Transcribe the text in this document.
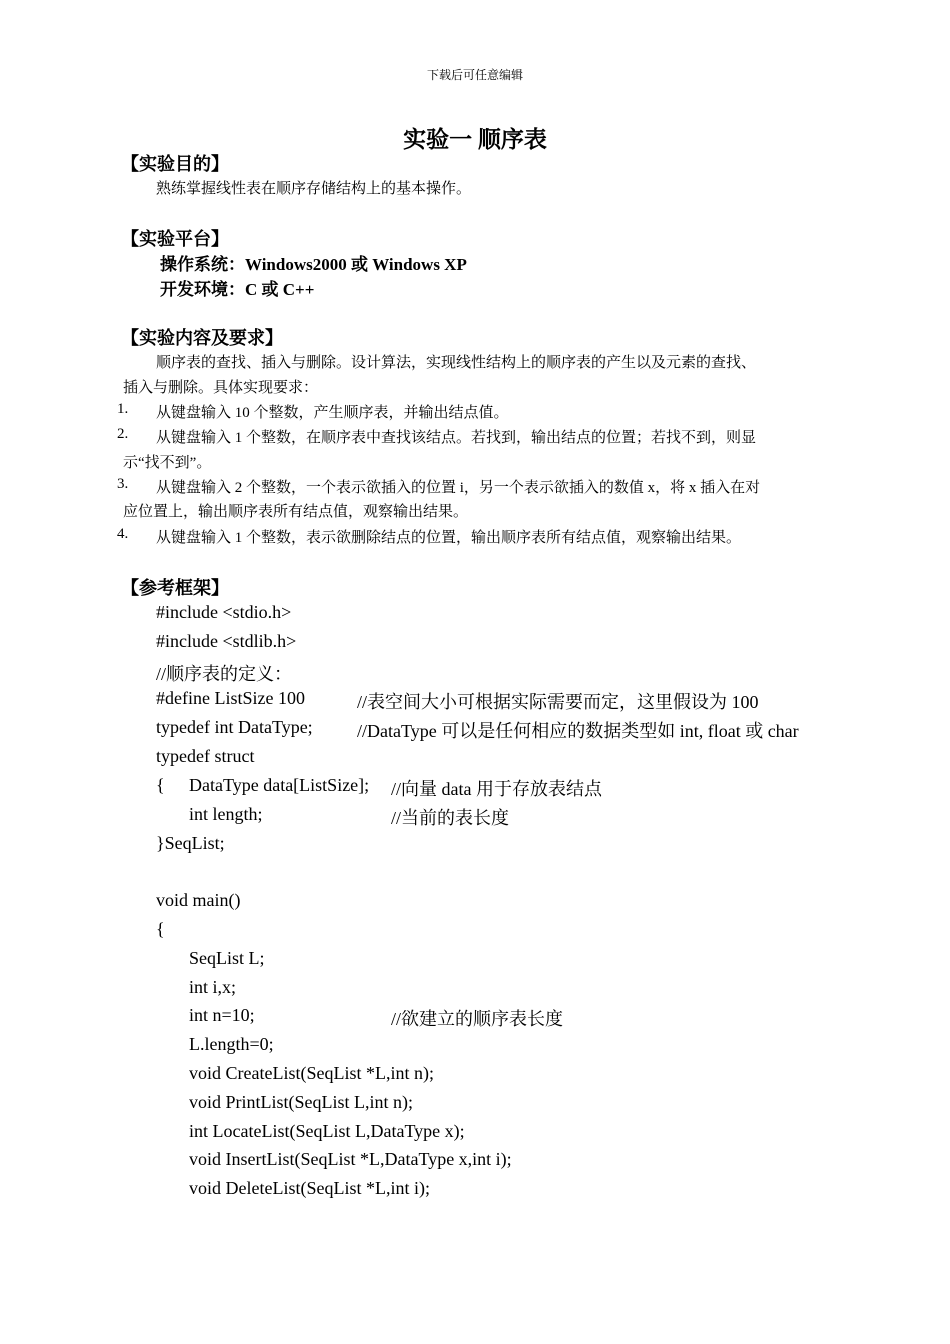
下载后可任意编辑
实验一 顺序表
【实验目的】
熟练掌握线性表在顺序存储结构上的基本操作。
【实验平台】
操作系统：Windows2000 或 Windows XP
开发环境：C 或 C++
【实验内容及要求】
顺序表的查找、插入与删除。设计算法，实现线性结构上的顺序表的产生以及元素的查找、
插入与删除。具体实现要求：
1. 从键盘输入 10 个整数，产生顺序表，并输出结点值。
2. 从键盘输入 1 个整数，在顺序表中查找该结点。若找到，输出结点的位置；若找不到，则显
示“找不到”。
3. 从键盘输入 2 个整数，一个表示欲插入的位置 i，另一个表示欲插入的数值 x，将 x 插入在对
应位置上，输出顺序表所有结点值，观察输出结果。
4. 从键盘输入 1 个整数，表示欲删除结点的位置，输出顺序表所有结点值，观察输出结果。
【参考框架】
#include <stdio.h>
#include <stdlib.h>
//顺序表的定义：
#define ListSize 100	//表空间大小可根据实际需要而定，这里假设为 100
typedef int DataType; //DataType 可以是任何相应的数据类型如 int, float 或 char
typedef struct
{ DataType data[ListSize]; //向量 data 用于存放表结点
int length;	//当前的表长度
}SeqList;
void main()
{
SeqList L;
int i,x;
int n=10;	//欲建立的顺序表长度
L.length=0;
void CreateList(SeqList *L,int n);
void PrintList(SeqList L,int n);
int LocateList(SeqList L,DataType x);
void InsertList(SeqList *L,DataType x,int i);
void DeleteList(SeqList *L,int i);
